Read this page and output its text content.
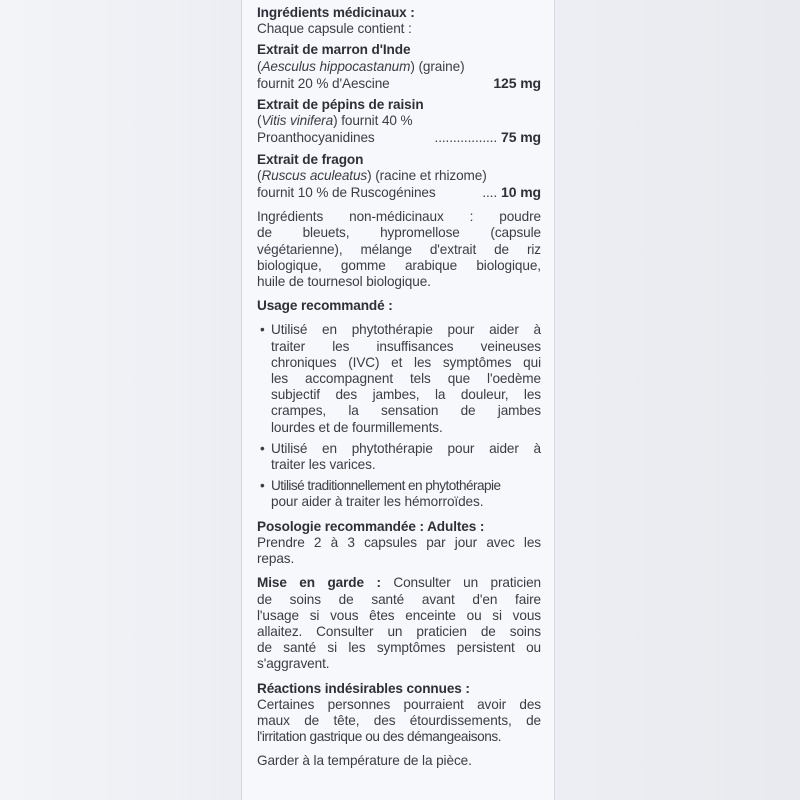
Ingrédients médicinaux :
Chaque capsule contient :
Extrait de marron d'Inde
(Aesculus hippocastanum) (graine)
fournit 20 % d'Aescine	125 mg
Extrait de pépins de raisin
(Vitis vinifera) fournit 40 %
Proanthocyanidines	................. 75 mg
Extrait de fragon
(Ruscus aculeatus) (racine et rhizome)
fournit 10 % de Ruscogénines	.... 10 mg
Ingrédients non-médicinaux : poudre
de bleuets, hypromellose (capsule
végétarienne), mélange d'extrait de riz
biologique, gomme arabique biologique,
huile de tournesol biologique.
Usage recommandé :
• Utilisé en phytothérapie pour aider à
traiter les insuffisances veineuses
chroniques (IVC) et les symptômes qui
les accompagnent tels que l'oedème
subjectif des jambes, la douleur, les
crampes, la sensation de jambes
lourdes et de fourmillements.
• Utilisé en phytothérapie pour aider à
traiter les varices.
• Utilisé traditionnellement en phytothérapie
pour aider à traiter les hémorroïdes.
Posologie recommandée : Adultes :
Prendre 2 à 3 capsules par jour avec les
repas.
Mise en garde : Consulter un praticien
de soins de santé avant d'en faire
l'usage si vous êtes enceinte ou si vous
allaitez. Consulter un praticien de soins
de santé si les symptômes persistent ou
s'aggravent.
Réactions indésirables connues :
Certaines personnes pourraient avoir des
maux de tête, des étourdissements, de
l'irritation gastrique ou des démangeaisons.
Garder à la température de la pièce.
